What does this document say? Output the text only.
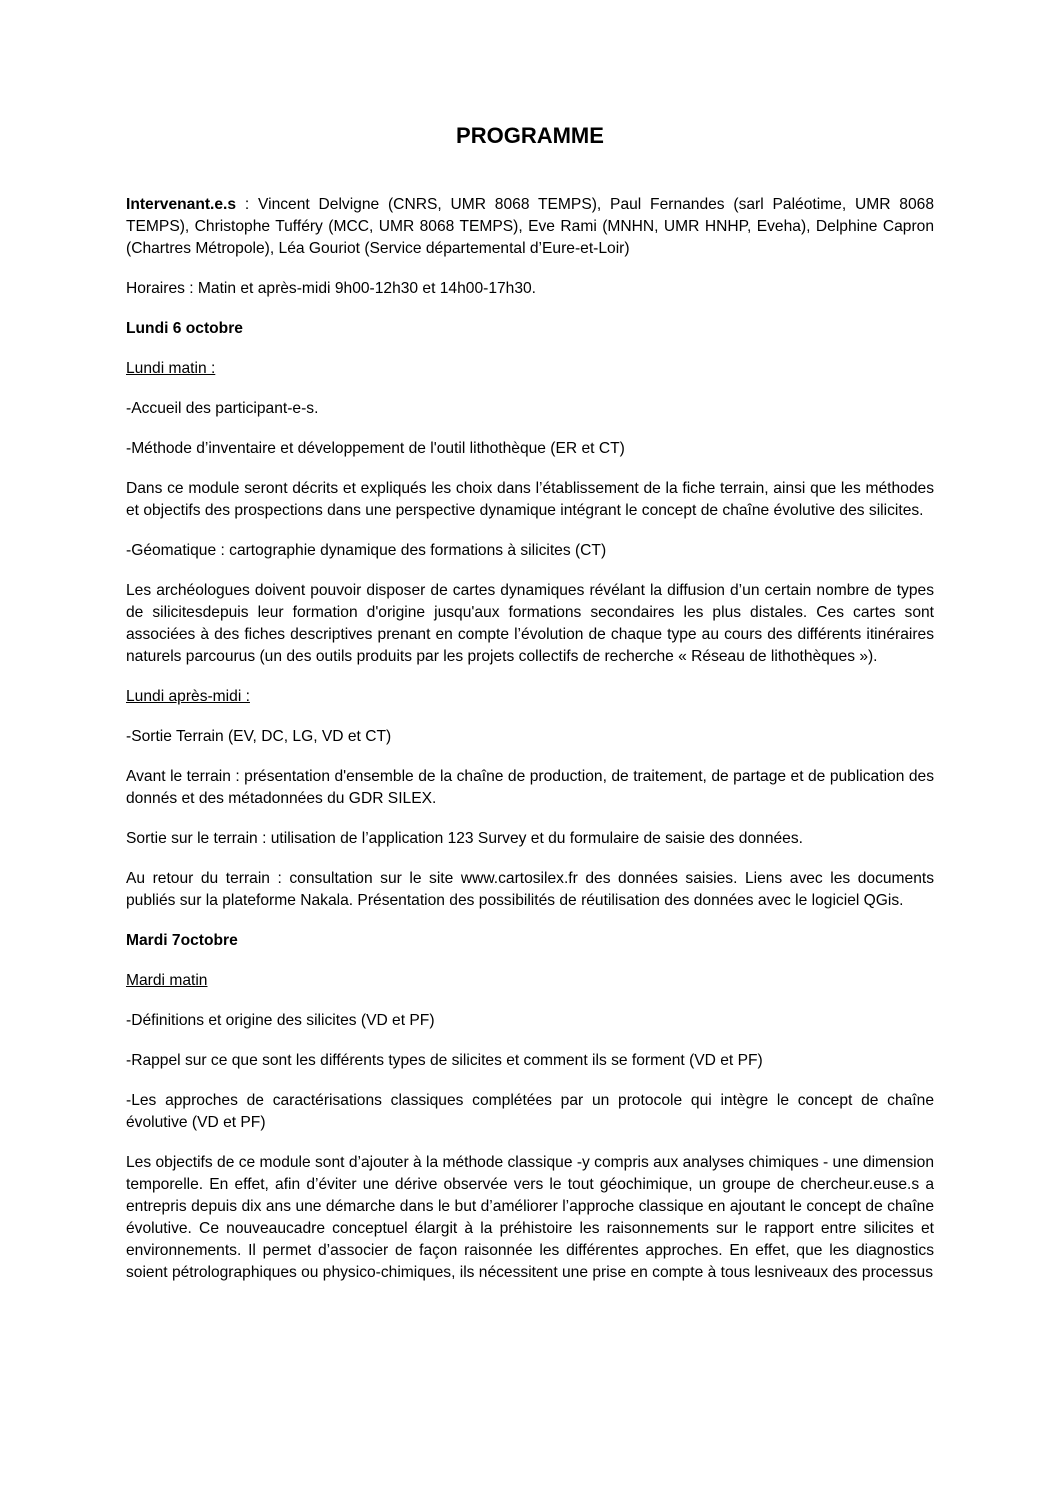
PROGRAMME

Intervenant.e.s : Vincent Delvigne (CNRS, UMR 8068 TEMPS), Paul Fernandes (sarl Paléotime, UMR 8068 TEMPS), Christophe Tufféry (MCC, UMR 8068 TEMPS), Eve Rami (MNHN, UMR HNHP, Eveha), Delphine Capron (Chartres Métropole), Léa Gouriot (Service départemental d’Eure-et-Loir)

Horaires : Matin et après-midi 9h00-12h30 et 14h00-17h30.

Lundi 6 octobre

Lundi matin :

-Accueil des participant-e-s.

-Méthode d’inventaire et développement de l'outil lithothèque (ER et CT)

Dans ce module seront décrits et expliqués les choix dans l’établissement de la fiche terrain, ainsi que les méthodes et objectifs des prospections dans une perspective dynamique intégrant le concept de chaîne évolutive des silicites.

-Géomatique : cartographie dynamique des formations à silicites (CT)

Les archéologues doivent pouvoir disposer de cartes dynamiques révélant la diffusion d’un certain nombre de types de silicitesdepuis leur formation d'origine jusqu'aux formations secondaires les plus distales. Ces cartes sont associées à des fiches descriptives prenant en compte l’évolution de chaque type au cours des différents itinéraires naturels parcourus (un des outils produits par les projets collectifs de recherche « Réseau de lithothèques »).

Lundi après-midi :

-Sortie Terrain (EV, DC, LG, VD et CT)

Avant le terrain : présentation d'ensemble de la chaîne de production, de traitement, de partage et de publication des donnés et des métadonnées du GDR SILEX.

Sortie sur le terrain : utilisation de l’application 123 Survey et du formulaire de saisie des données.

Au retour du terrain : consultation sur le site www.cartosilex.fr des données saisies. Liens avec les documents publiés sur la plateforme Nakala. Présentation des possibilités de réutilisation des données avec le logiciel QGis.

Mardi 7octobre

Mardi matin

-Définitions et origine des silicites (VD et PF)

-Rappel sur ce que sont les différents types de silicites et comment ils se forment (VD et PF)

-Les approches de caractérisations classiques complétées par un protocole qui intègre le concept de chaîne évolutive (VD et PF)

Les objectifs de ce module sont d’ajouter à la méthode classique -y compris aux analyses chimiques - une dimension temporelle. En effet, afin d’éviter une dérive observée vers le tout géochimique, un groupe de chercheur.euse.s a entrepris depuis dix ans une démarche dans le but d’améliorer l’approche classique en ajoutant le concept de chaîne évolutive. Ce nouveaucadre conceptuel élargit à la préhistoire les raisonnements sur le rapport entre silicites et environnements. Il permet d’associer de façon raisonnée les différentes approches. En effet, que les diagnostics soient pétrolographiques ou physico-chimiques, ils nécessitent une prise en compte à tous lesniveaux des processus
